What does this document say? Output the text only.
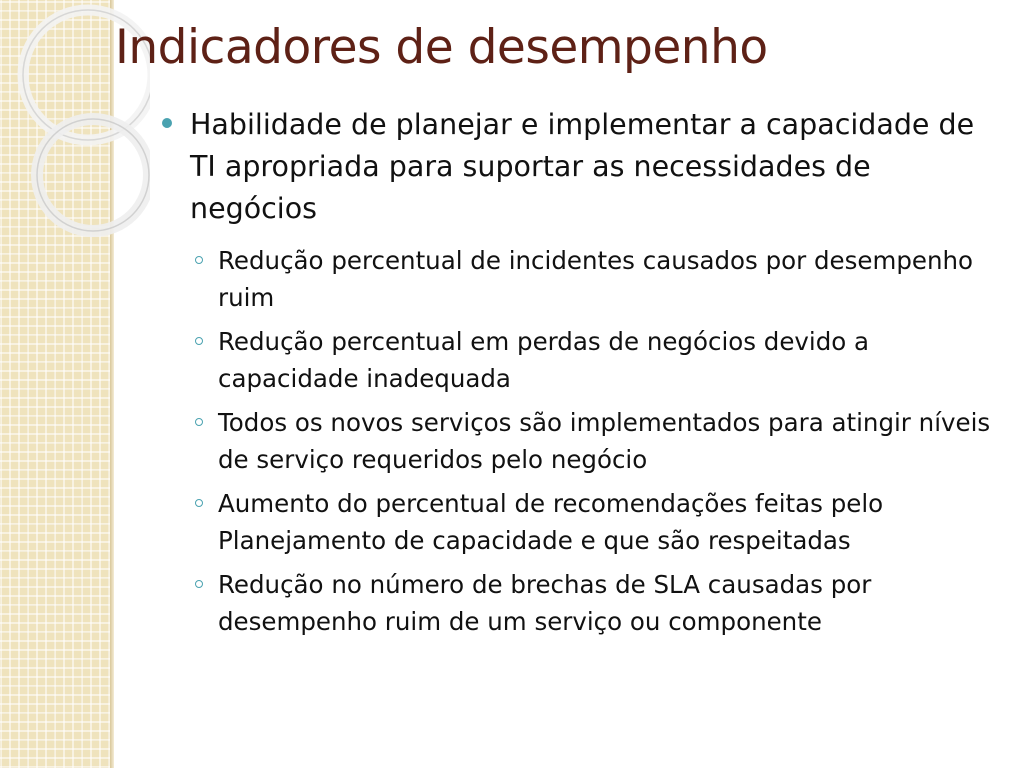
Indicadores de desempenho
Habilidade de planejar e implementar a capacidade de TI apropriada para suportar as necessidades de negócios
Redução percentual de incidentes causados por desempenho ruim
Redução percentual em perdas de negócios devido a capacidade inadequada
Todos os novos serviços são implementados para atingir níveis de serviço requeridos pelo negócio
Aumento do percentual de recomendações feitas pelo Planejamento de capacidade e que são respeitadas
Redução no número de brechas de SLA causadas por desempenho ruim de um serviço ou componente
